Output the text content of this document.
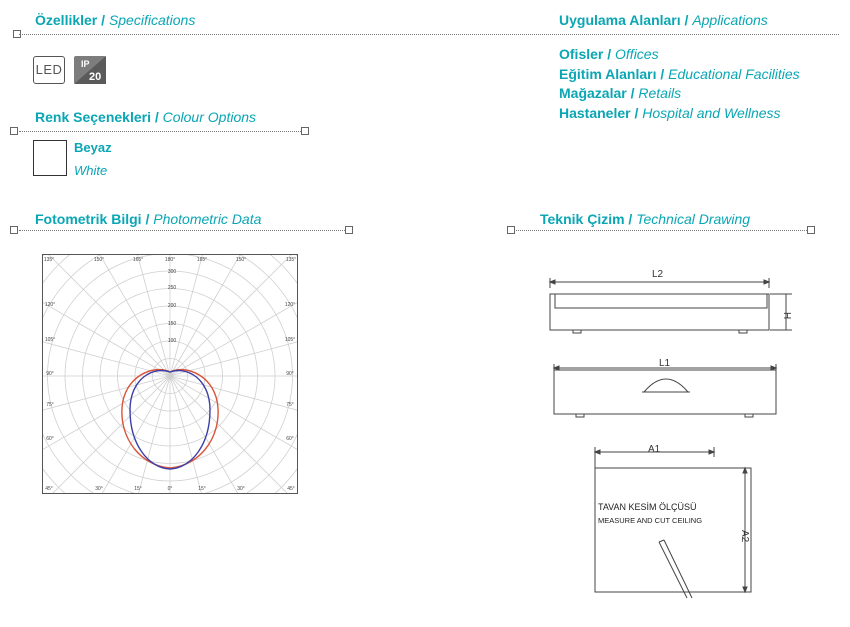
Özellikler / Specifications
LED IP
20
Renk Seçenekleri / Colour Options
Beyaz
White
Fotometrik Bilgi / Photometric Data
135°	150°	165°	180°	165°	150°	135°
45°	30°	15°	0°	15°	30°	45°
120°	120°
105°	105°
90°	90°
75°	75°
60°	60°
300
250
200
150
100
Uygulama Alanları / Applications
Ofisler / Offices
Eğitim Alanları / Educational Facilities
Mağazalar / Retails
Hastaneler / Hospital and Wellness
Teknik Çizim / Technical Drawing
L2
H
L1
A1
A2
TAVAN KESİM ÖLÇÜSÜ
MEASURE AND CUT CEILING
